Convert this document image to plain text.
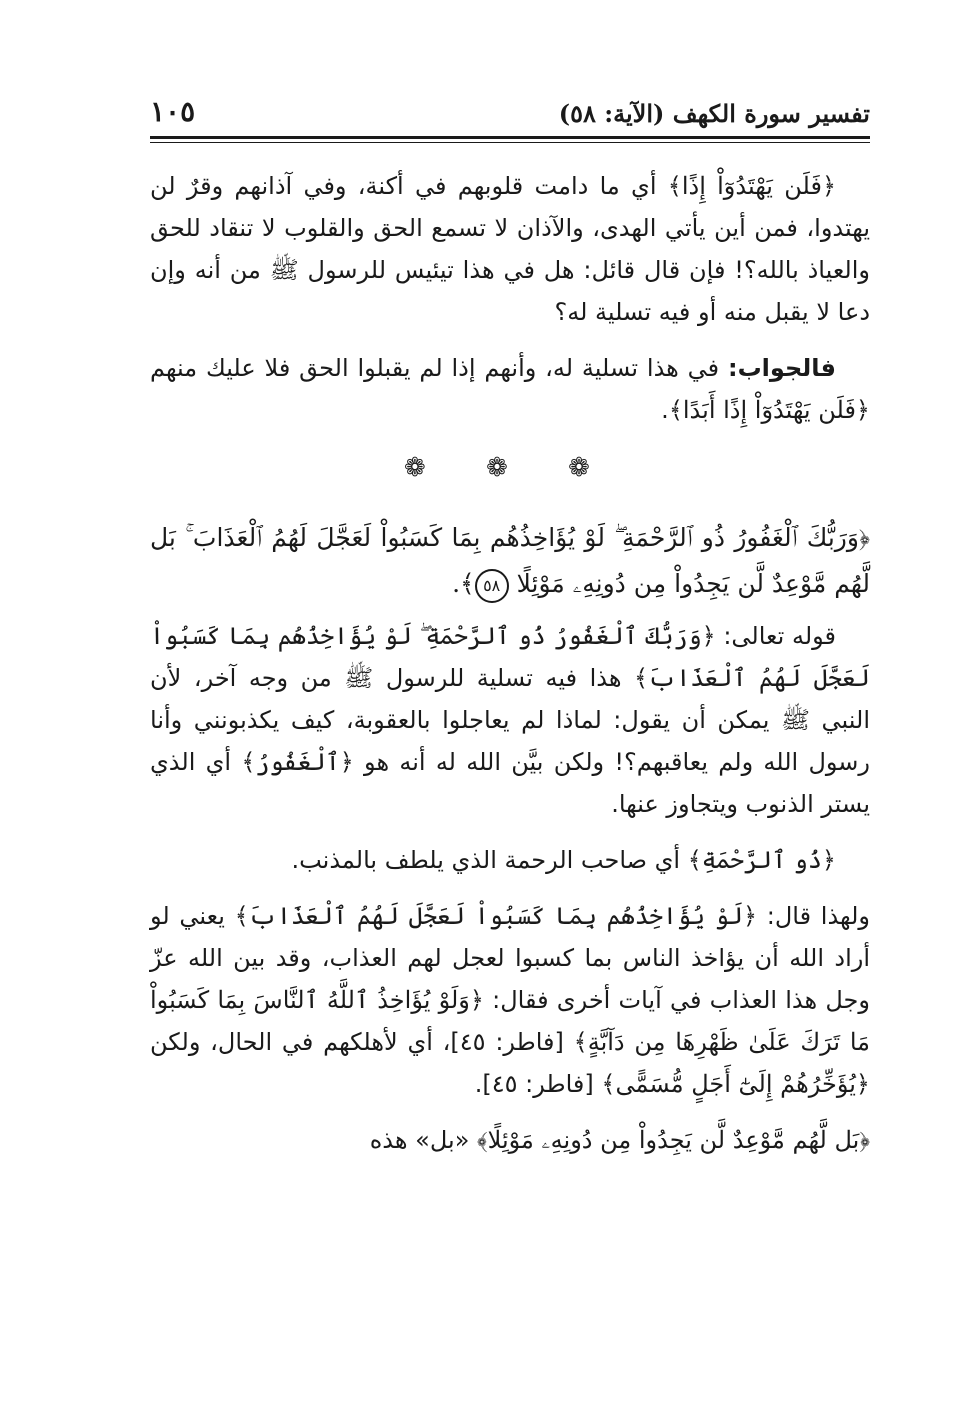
تفسير سورة الكهف (الآية: ٥٨)
١٠٥

﴿فَلَن يَهْتَدُوٓاْ إِذًا﴾ أي ما دامت قلوبهم في أكنة، وفي آذانهم وقرٌ لن يهتدوا، فمن أين يأتي الهدى، والآذان لا تسمع الحق والقلوب لا تنقاد للحق والعياذ بالله؟! فإن قال قائل: هل في هذا تيئيس للرسول ﷺ من أنه وإن دعا لا يقبل منه أو فيه تسلية له؟

فالجواب: في هذا تسلية له، وأنهم إذا لم يقبلوا الحق فلا عليك منهم ﴿فَلَن يَهْتَدُوٓاْ إِذًا أَبَدًا﴾.

❁ ❁ ❁

﴿وَرَبُّكَ ٱلْغَفُورُ ذُو ٱلرَّحْمَةِ ۖ لَوْ يُؤَاخِذُهُم بِمَا كَسَبُواْ لَعَجَّلَ لَهُمُ ٱلْعَذَابَ ۚ بَل لَّهُم مَّوْعِدٌ لَّن يَجِدُواْ مِن دُونِهِۦ مَوْئِلًا ٥٨﴾.

قوله تعالى: ﴿وَرَبُّكَ ٱلْغَفُورُ ذُو ٱلرَّحْمَةِ ۖ لَوْ يُؤَاخِذُهُم بِمَا كَسَبُواْ لَعَجَّلَ لَهُمُ ٱلْعَذَابَ﴾ هذا فيه تسلية للرسول ﷺ من وجه آخر، لأن النبي ﷺ يمكن أن يقول: لماذا لم يعاجلوا بالعقوبة، كيف يكذبونني وأنا رسول الله ولم يعاقبهم؟! ولكن بيَّن الله له أنه هو ﴿ٱلْغَفُورُ﴾ أي الذي يستر الذنوب ويتجاوز عنها.

﴿ذُو ٱلرَّحْمَةِ﴾ أي صاحب الرحمة الذي يلطف بالمذنب.

ولهذا قال: ﴿لَوْ يُؤَاخِذُهُم بِمَا كَسَبُواْ لَعَجَّلَ لَهُمُ ٱلْعَذَابَ﴾ يعني لو أراد الله أن يؤاخذ الناس بما كسبوا لعجل لهم العذاب، وقد بين الله عزّ وجل هذا العذاب في آيات أخرى فقال: ﴿وَلَوْ يُؤَاخِذُ ٱللَّهُ ٱلنَّاسَ بِمَا كَسَبُواْ مَا تَرَكَ عَلَىٰ ظَهْرِهَا مِن دَآبَّةٍ﴾ [فاطر: ٤٥]، أي لأهلكهم في الحال، ولكن ﴿يُؤَخِّرُهُمْ إِلَىٰٓ أَجَلٍ مُّسَمًّى﴾ [فاطر: ٤٥].

﴿بَل لَّهُم مَّوْعِدٌ لَّن يَجِدُواْ مِن دُونِهِۦ مَوْئِلًا﴾ «بل» هذه
